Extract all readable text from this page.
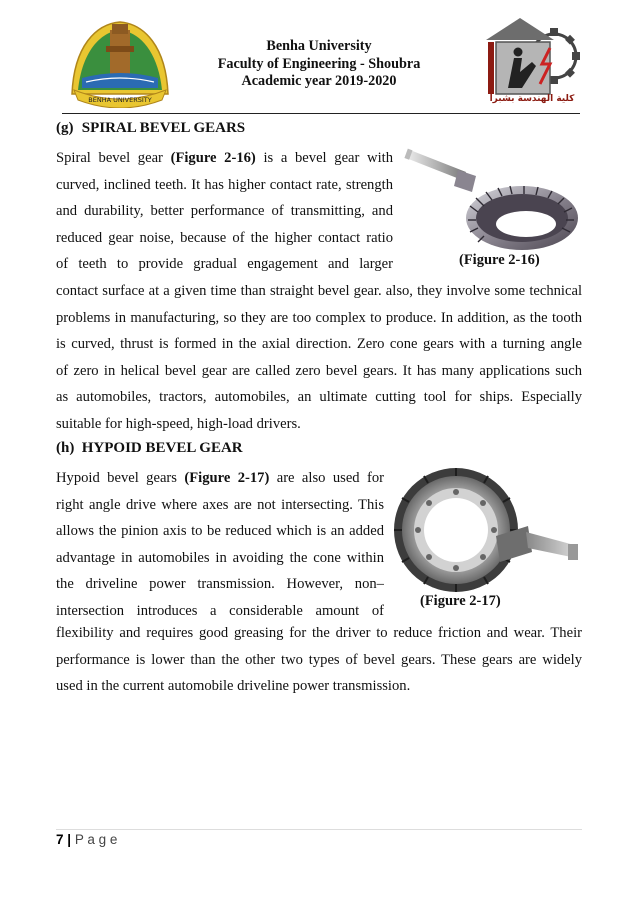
BENHA UNIVERSITY
Benha University
Faculty of Engineering - Shoubra
Academic year 2019-2020
كلية الهندسة بشبرا
(g) SPIRAL BEVEL GEARS
Spiral bevel gear (Figure 2-16) is a bevel gear with
curved, inclined teeth. It has higher contact rate, strength
and durability, better performance of transmitting, and
reduced gear noise, because of the higher contact ratio
of teeth to provide gradual engagement and larger	(Figure 2-16)
contact surface at a given time than straight bevel gear. also, they involve some technical
problems in manufacturing, so they are too complex to produce. In addition, as the tooth
is curved, thrust is formed in the axial direction. Zero cone gears with a turning angle
of zero in helical bevel gear are called zero bevel gears. It has many applications such
as automobiles, tractors, automobiles, an ultimate cutting tool for ships. Especially
suitable for high-speed, high-load drivers.
(h) HYPOID BEVEL GEAR
Hypoid bevel gears (Figure 2-17) are also used for
right angle drive where axes are not intersecting. This
allows the pinion axis to be reduced which is an added
advantage in automobiles in avoiding the cone within
the driveline power transmission. However, non–
intersection introduces a considerable amount of
(Figure 2-17)
flexibility and requires good greasing for the driver to reduce friction and wear. Their
performance is lower than the other two types of bevel gears. These gears are widely
used in the current automobile driveline power transmission.
7 | P a g e
